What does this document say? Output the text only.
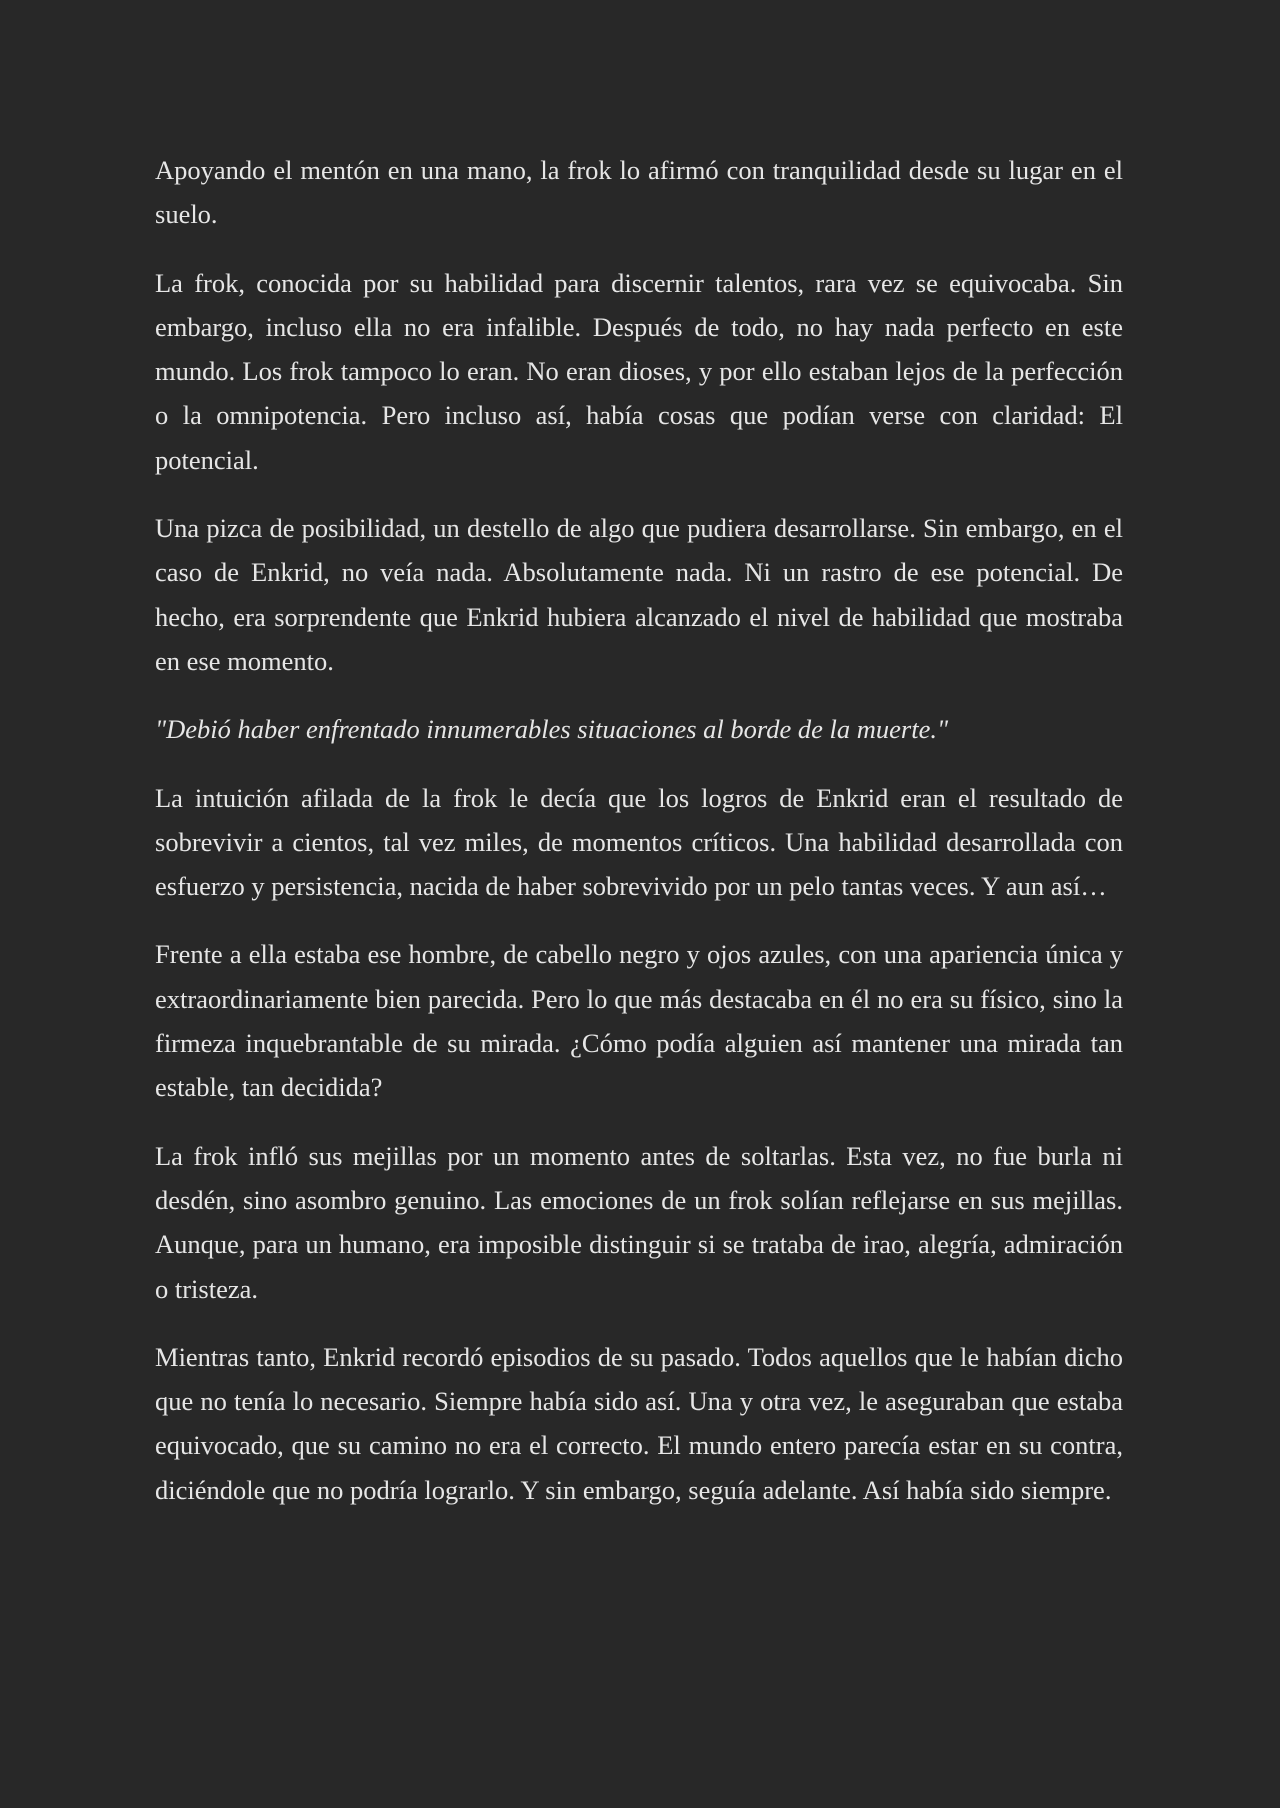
Apoyando el mentón en una mano, la frok lo afirmó con tranquilidad desde su lugar en el suelo.

La frok, conocida por su habilidad para discernir talentos, rara vez se equivocaba. Sin embargo, incluso ella no era infalible. Después de todo, no hay nada perfecto en este mundo. Los frok tampoco lo eran. No eran dioses, y por ello estaban lejos de la perfección o la omnipotencia. Pero incluso así, había cosas que podían verse con claridad: El potencial.

Una pizca de posibilidad, un destello de algo que pudiera desarrollarse. Sin embargo, en el caso de Enkrid, no veía nada. Absolutamente nada. Ni un rastro de ese potencial. De hecho, era sorprendente que Enkrid hubiera alcanzado el nivel de habilidad que mostraba en ese momento.

"Debió haber enfrentado innumerables situaciones al borde de la muerte."

La intuición afilada de la frok le decía que los logros de Enkrid eran el resultado de sobrevivir a cientos, tal vez miles, de momentos críticos. Una habilidad desarrollada con esfuerzo y persistencia, nacida de haber sobrevivido por un pelo tantas veces. Y aun así…

Frente a ella estaba ese hombre, de cabello negro y ojos azules, con una apariencia única y extraordinariamente bien parecida. Pero lo que más destacaba en él no era su físico, sino la firmeza inquebrantable de su mirada. ¿Cómo podía alguien así mantener una mirada tan estable, tan decidida?

La frok infló sus mejillas por un momento antes de soltarlas. Esta vez, no fue burla ni desdén, sino asombro genuino. Las emociones de un frok solían reflejarse en sus mejillas. Aunque, para un humano, era imposible distinguir si se trataba de irao, alegría, admiración o tristeza.

Mientras tanto, Enkrid recordó episodios de su pasado. Todos aquellos que le habían dicho que no tenía lo necesario. Siempre había sido así. Una y otra vez, le aseguraban que estaba equivocado, que su camino no era el correcto. El mundo entero parecía estar en su contra, diciéndole que no podría lograrlo. Y sin embargo, seguía adelante. Así había sido siempre.
